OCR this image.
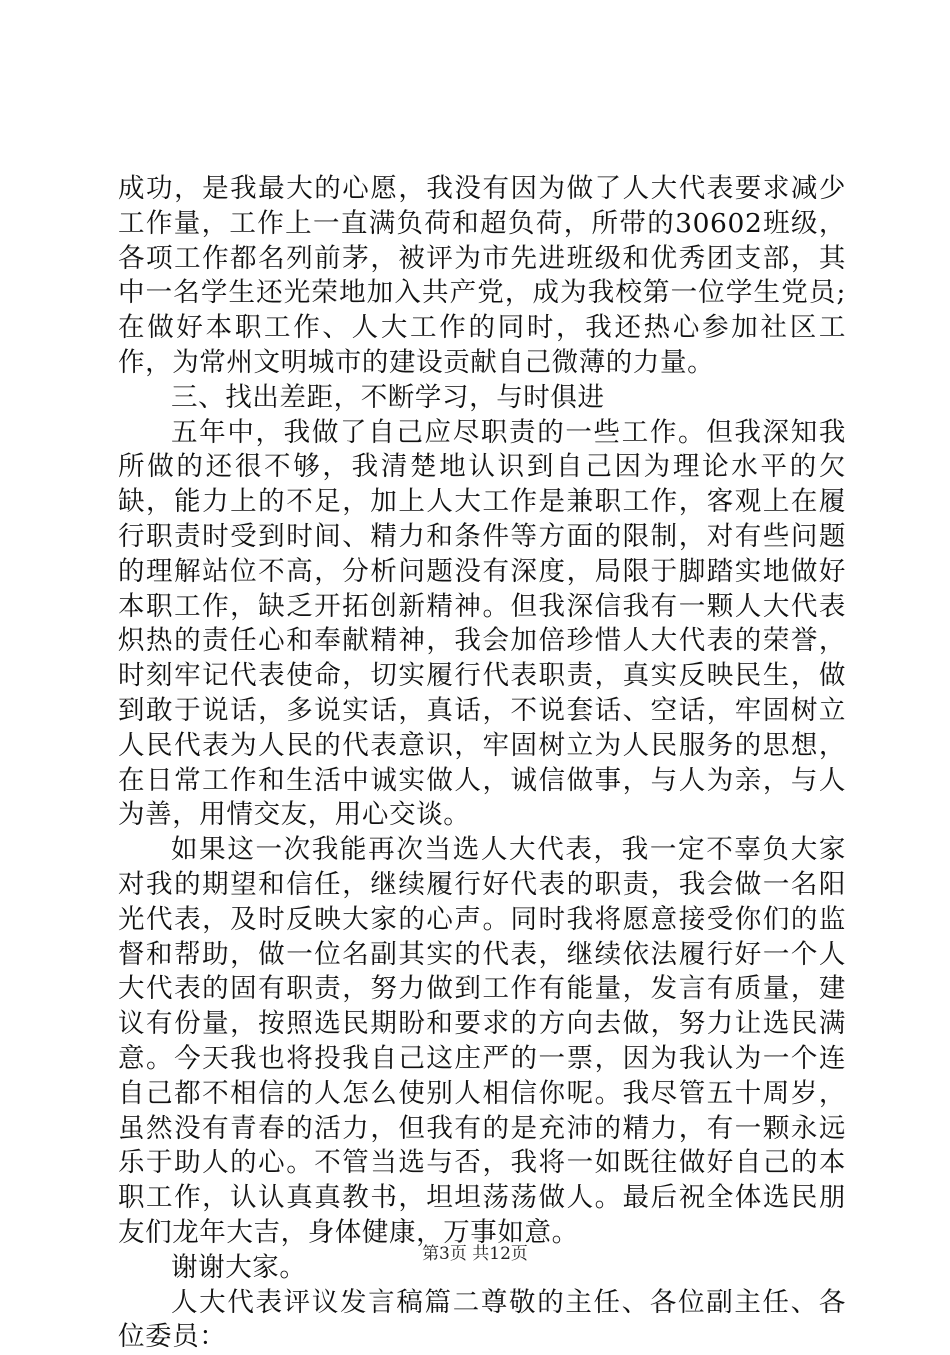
成功，是我最大的心愿，我没有因为做了人大代表要求减少工作量，工作上一直满负荷和超负荷，所带的30602班级，各项工作都名列前茅，被评为市先进班级和优秀团支部，其中一名学生还光荣地加入共产党，成为我校第一位学生党员;在做好本职工作、人大工作的同时，我还热心参加社区工作，为常州文明城市的建设贡献自己微薄的力量。

三、找出差距，不断学习，与时俱进

五年中，我做了自己应尽职责的一些工作。但我深知我所做的还很不够，我清楚地认识到自己因为理论水平的欠缺，能力上的不足，加上人大工作是兼职工作，客观上在履行职责时受到时间、精力和条件等方面的限制，对有些问题的理解站位不高，分析问题没有深度，局限于脚踏实地做好本职工作，缺乏开拓创新精神。但我深信我有一颗人大代表炽热的责任心和奉献精神，我会加倍珍惜人大代表的荣誉，时刻牢记代表使命，切实履行代表职责，真实反映民生，做到敢于说话，多说实话，真话，不说套话、空话，牢固树立人民代表为人民的代表意识，牢固树立为人民服务的思想，在日常工作和生活中诚实做人，诚信做事，与人为亲，与人为善，用情交友，用心交谈。

如果这一次我能再次当选人大代表，我一定不辜负大家对我的期望和信任，继续履行好代表的职责，我会做一名阳光代表，及时反映大家的心声。同时我将愿意接受你们的监督和帮助，做一位名副其实的代表，继续依法履行好一个人大代表的固有职责，努力做到工作有能量，发言有质量，建议有份量，按照选民期盼和要求的方向去做，努力让选民满意。今天我也将投我自己这庄严的一票，因为我认为一个连自己都不相信的人怎么使别人相信你呢。我尽管五十周岁，虽然没有青春的活力，但我有的是充沛的精力，有一颗永远乐于助人的心。不管当选与否，我将一如既往做好自己的本职工作，认认真真教书，坦坦荡荡做人。最后祝全体选民朋友们龙年大吉，身体健康，万事如意。

谢谢大家。

人大代表评议发言稿篇二尊敬的主任、各位副主任、各位委员：

第3页 共12页
